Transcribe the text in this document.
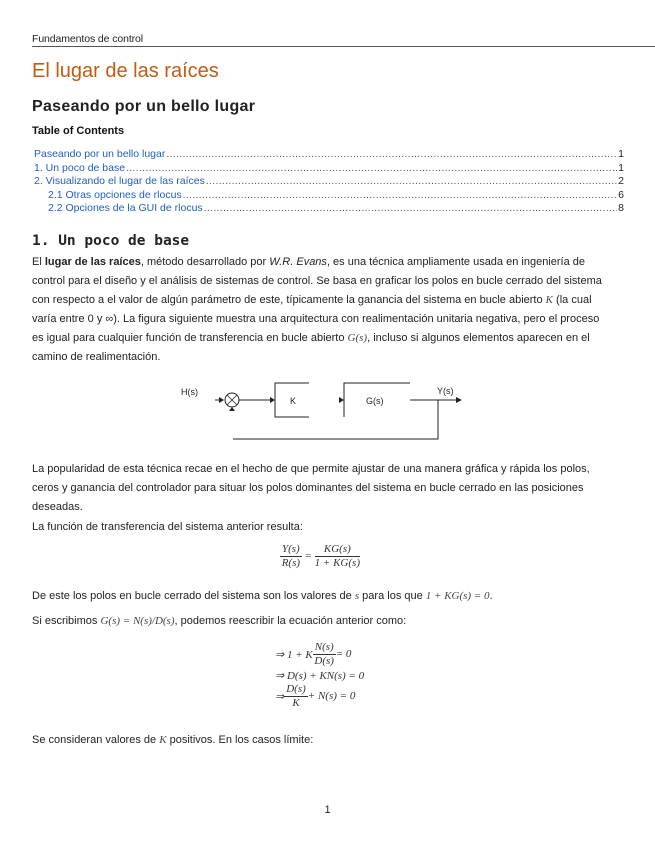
Fundamentos de control
El lugar de las raíces
Paseando por un bello lugar
Table of Contents
Paseando por un bello lugar .....	1
1. Un poco de base .....	1
2. Visualizando el lugar de las raíces .....	2
2.1 Otras opciones de rlocus .....	6
2.2 Opciones de la GUI de rlocus .....	8
1. Un poco de base

El lugar de las raíces, método desarrollado por W.R. Evans, es una técnica ampliamente usada en ingeniería de control para el diseño y el análisis de sistemas de control. Se basa en graficar los polos en bucle cerrado del sistema con respecto a el valor de algún parámetro de este, típicamente la ganancia del sistema en bucle abierto K (la cual varía entre 0 y ∞). La figura siguiente muestra una arquitectura con realimentación unitaria negativa, pero el proceso es igual para cualquier función de transferencia en bucle abierto G(s), incluso si algunos elementos aparecen en el camino de realimentación.

H(s)
K	G(s)
Y(s)

La popularidad de esta técnica recae en el hecho de que permite ajustar de una manera gráfica y rápida los polos, ceros y ganancia del controlador para situar los polos dominantes del sistema en bucle cerrado en las posiciones deseadas.

La función de transferencia del sistema anterior resulta:

$\frac{Y(s)}{R(s)} = \frac{KG(s)}{1 + KG(s)}$

De este los polos en bucle cerrado del sistema son los valores de s para los que 1 + KG(s) = 0.

Si escribimos G(s) = N(s)/D(s), podemos reescribir la ecuación anterior como:

⇒ 1 + K $\frac{N(s)}{D(s)} = 0$
⇒ D(s) + KN(s) = 0
⇒ $\frac{D(s)}{K} + N(s) = 0$

Se consideran valores de K positivos. En los casos límite:

1
